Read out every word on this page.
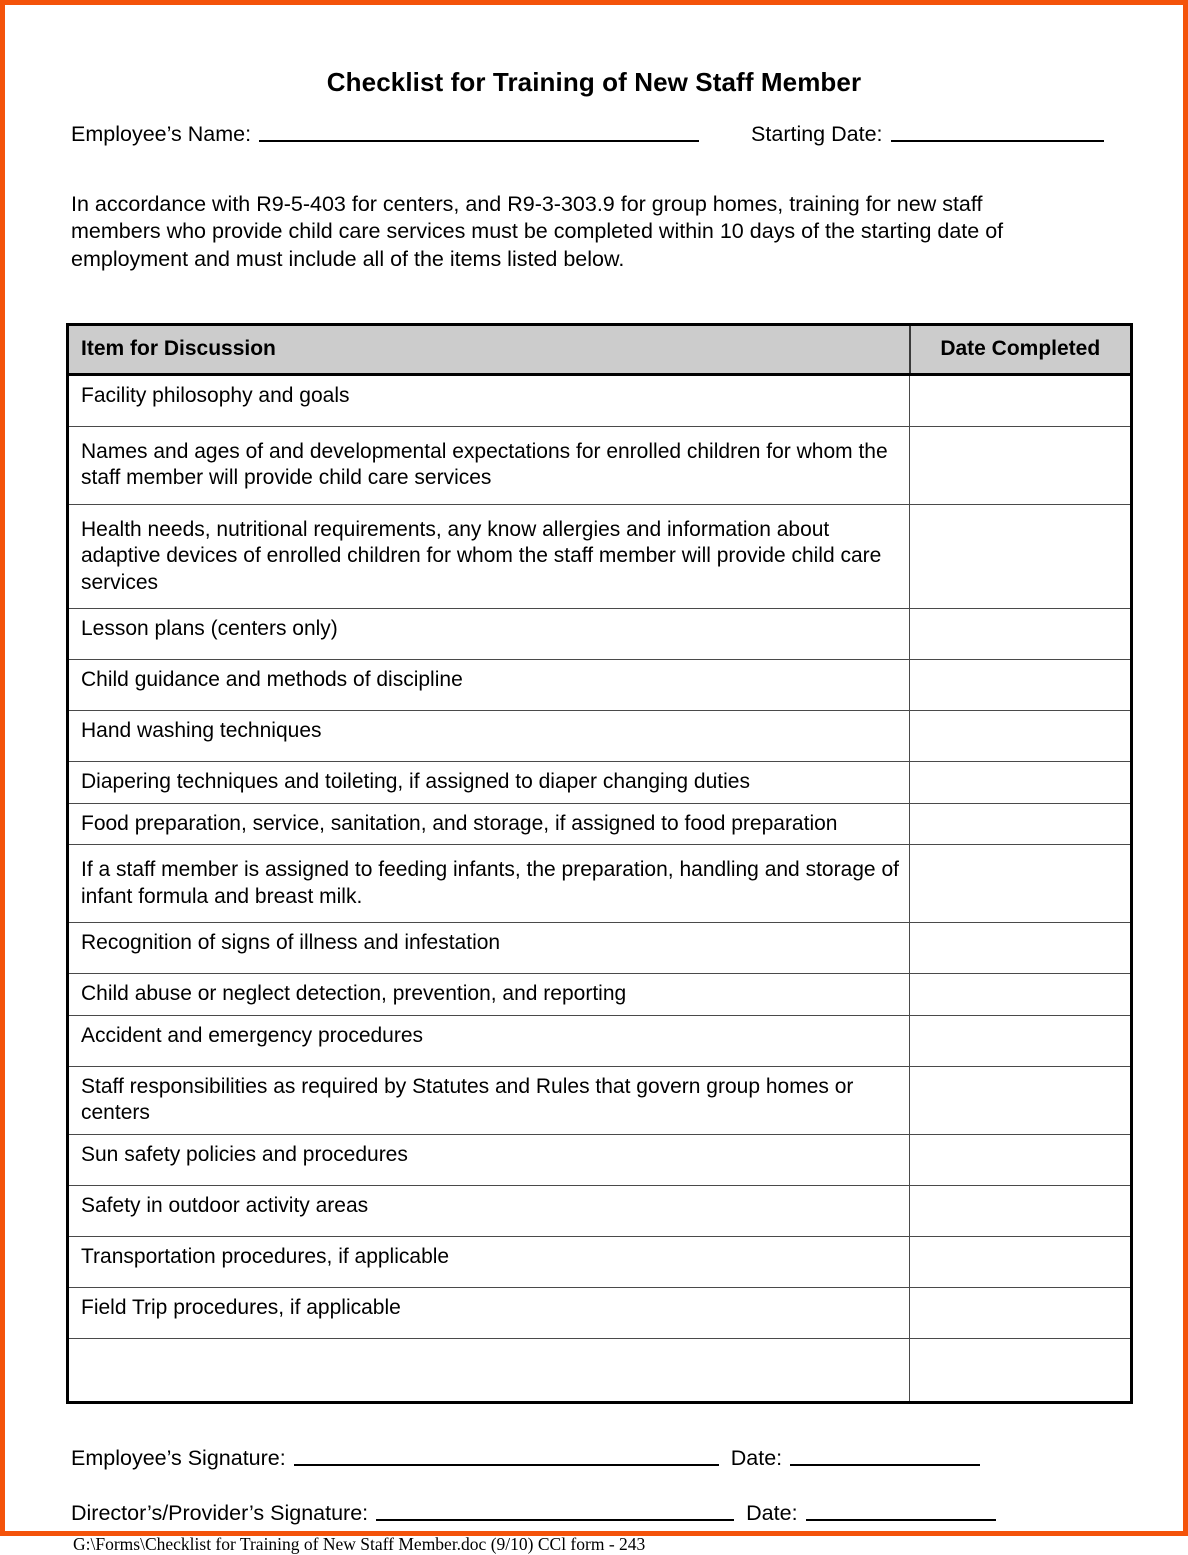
Checklist for Training of New Staff Member
Employee’s Name:	Starting Date:

In accordance with R9-5-403 for centers, and R9-3-303.9 for group homes, training for new staff members who provide child care services must be completed within 10 days of the starting date of employment and must include all of the items listed below.

Item for Discussion	Date Completed
Facility philosophy and goals	
Names and ages of and developmental expectations for enrolled children for whom the staff member will provide child care services	
Health needs, nutritional requirements, any know allergies and information about adaptive devices of enrolled children for whom the staff member will provide child care services	
Lesson plans (centers only)	
Child guidance and methods of discipline	
Hand washing techniques	
Diapering techniques and toileting, if assigned to diaper changing duties	
Food preparation, service, sanitation, and storage, if assigned to food preparation	
If a staff member is assigned to feeding infants, the preparation, handling and storage of infant formula and breast milk.	
Recognition of signs of illness and infestation	
Child abuse or neglect detection, prevention, and reporting	
Accident and emergency procedures	
Staff responsibilities as required by Statutes and Rules that govern group homes or centers	
Sun safety policies and procedures	
Safety in outdoor activity areas	
Transportation procedures, if applicable	
Field Trip procedures, if applicable	

Employee’s Signature:	Date:
Director’s/Provider’s Signature:	Date:
G:\Forms\Checklist for Training of New Staff Member.doc (9/10) CCl form - 243
